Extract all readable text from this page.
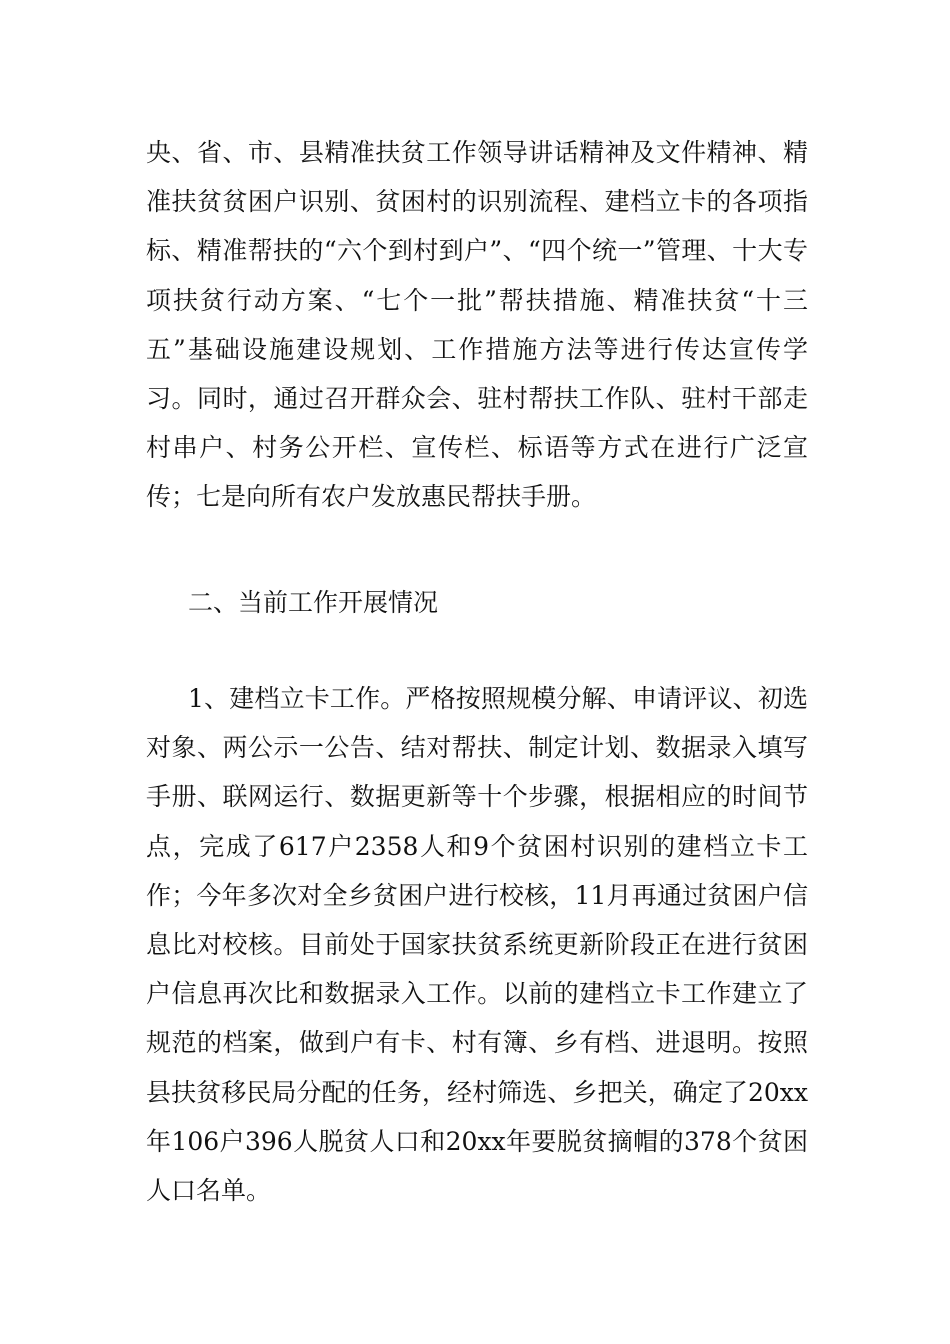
央、省、市、县精准扶贫工作领导讲话精神及文件精神、精准扶贫贫困户识别、贫困村的识别流程、建档立卡的各项指标、精准帮扶的“六个到村到户”、“四个统一”管理、十大专项扶贫行动方案、“七个一批”帮扶措施、精准扶贫“十三五”基础设施建设规划、工作措施方法等进行传达宣传学习。同时，通过召开群众会、驻村帮扶工作队、驻村干部走村串户、村务公开栏、宣传栏、标语等方式在进行广泛宣传；七是向所有农户发放惠民帮扶手册。

二、当前工作开展情况

1、建档立卡工作。严格按照规模分解、申请评议、初选对象、两公示一公告、结对帮扶、制定计划、数据录入填写手册、联网运行、数据更新等十个步骤，根据相应的时间节点，完成了617户2358人和9个贫困村识别的建档立卡工作；今年多次对全乡贫困户进行校核，11月再通过贫困户信息比对校核。目前处于国家扶贫系统更新阶段正在进行贫困户信息再次比和数据录入工作。以前的建档立卡工作建立了规范的档案，做到户有卡、村有簿、乡有档、进退明。按照县扶贫移民局分配的任务，经村筛选、乡把关，确定了20xx年106户396人脱贫人口和20xx年要脱贫摘帽的378个贫困人口名单。
